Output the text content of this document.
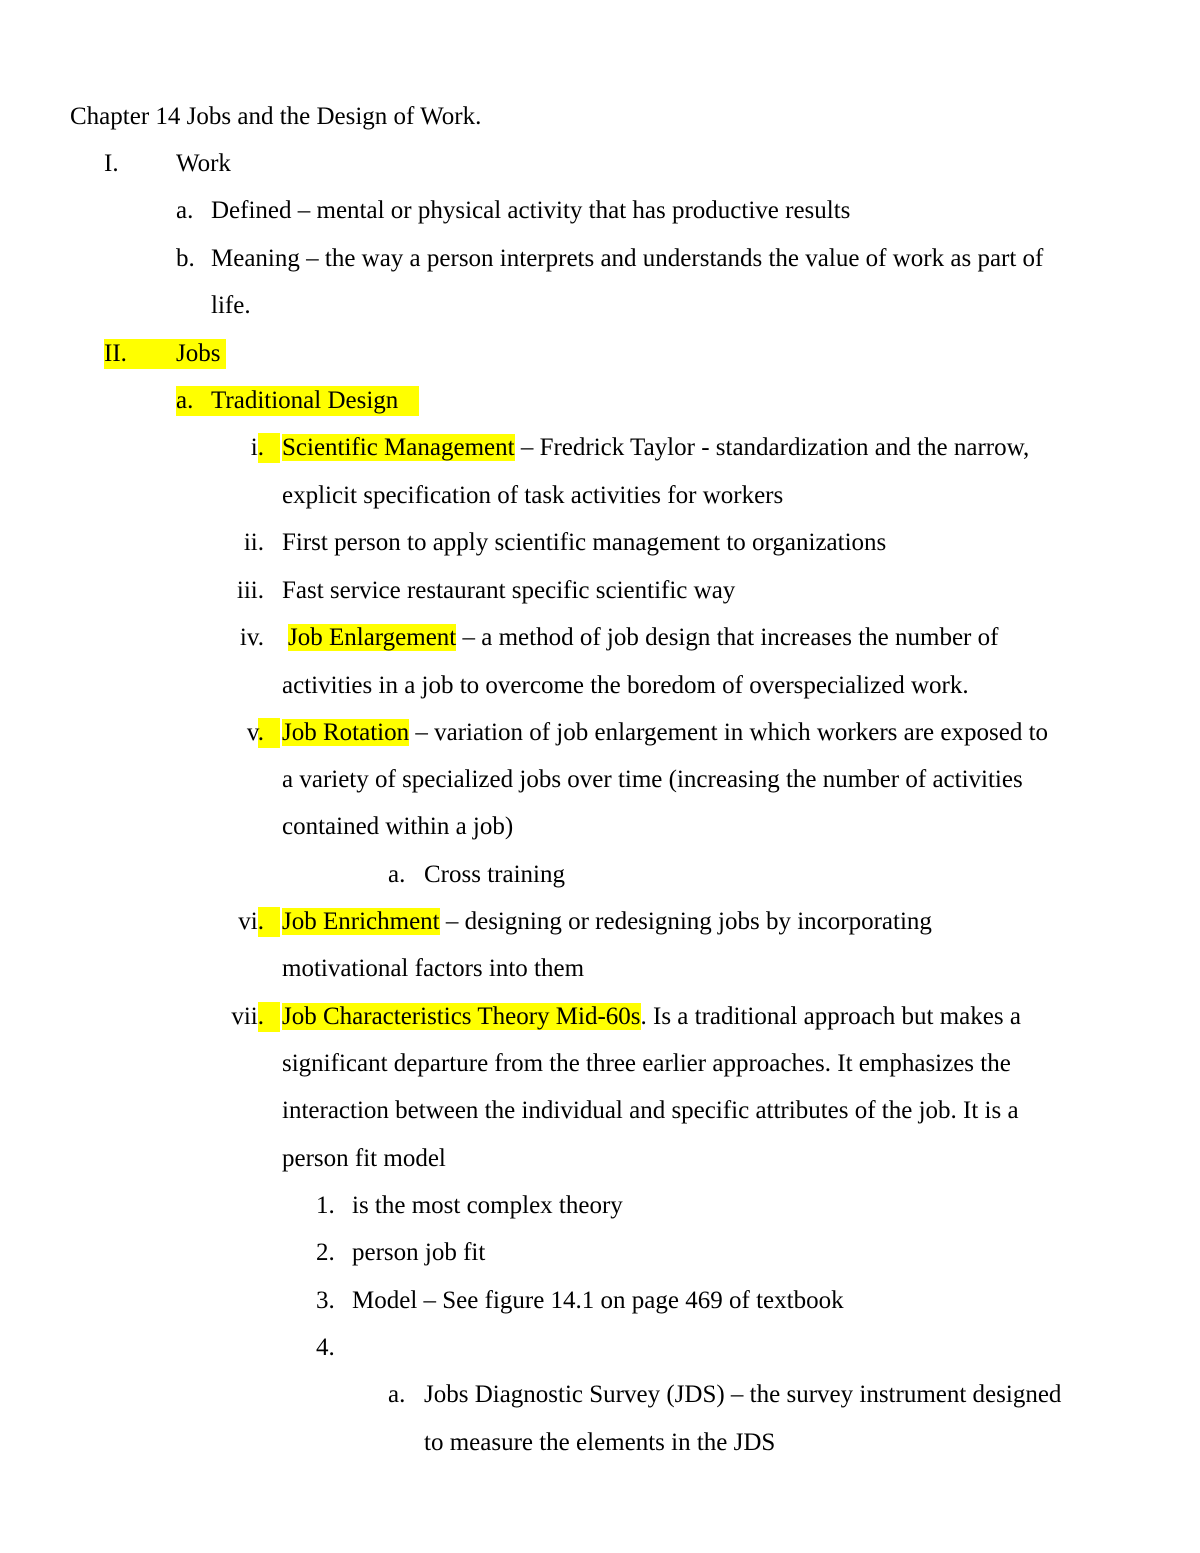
Chapter 14 Jobs and the Design of Work.
I. Work
a. Defined – mental or physical activity that has productive results
b. Meaning – the way a person interprets and understands the value of work as part of
life.
II. Jobs
a. Traditional Design
i. Scientific Management – Fredrick Taylor - standardization and the narrow,
explicit specification of task activities for workers
ii. First person to apply scientific management to organizations
iii. Fast service restaurant specific scientific way
iv. Job Enlargement – a method of job design that increases the number of
activities in a job to overcome the boredom of overspecialized work.
v. Job Rotation – variation of job enlargement in which workers are exposed to
a variety of specialized jobs over time (increasing the number of activities
contained within a job)
a. Cross training
vi. Job Enrichment – designing or redesigning jobs by incorporating
motivational factors into them
vii. Job Characteristics Theory Mid-60s. Is a traditional approach but makes a
significant departure from the three earlier approaches. It emphasizes the
interaction between the individual and specific attributes of the job. It is a
person fit model
1. is the most complex theory
2. person job fit
3. Model – See figure 14.1 on page 469 of textbook
4.
a. Jobs Diagnostic Survey (JDS) – the survey instrument designed
to measure the elements in the JDS
